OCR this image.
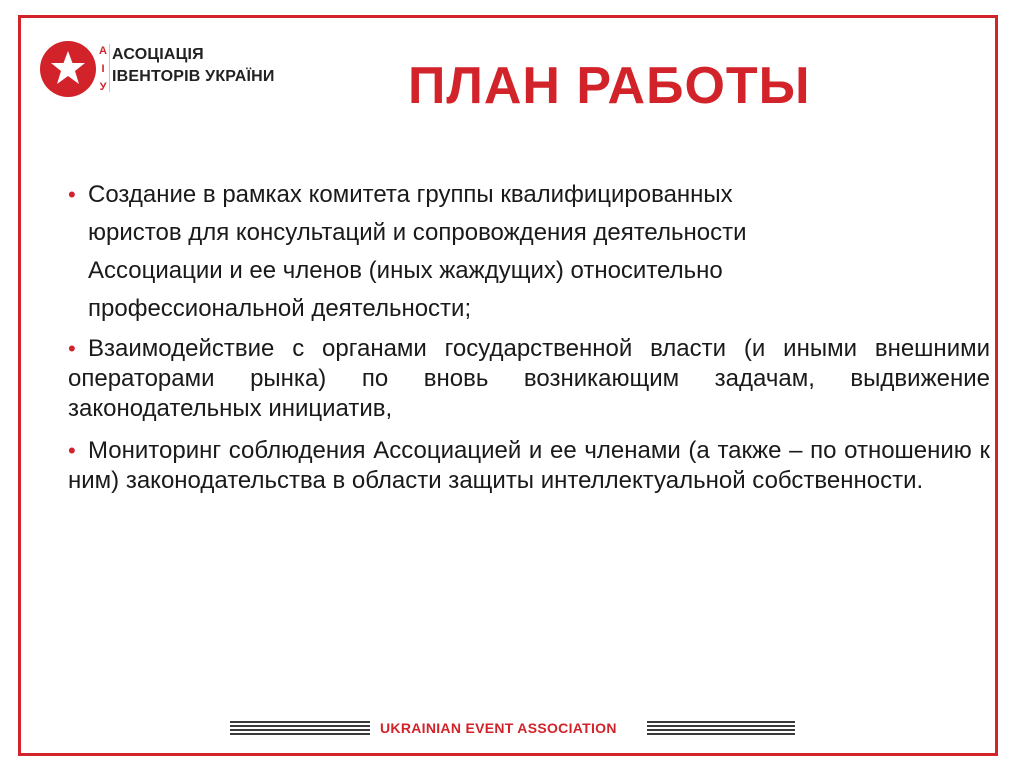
А
І
У
АСОЦІАЦІЯ
ІВЕНТОРІВ УКРАЇНИ	ПЛАН РАБОТЫ
• Создание в рамках комитета группы квалифицированных
юристов для консультаций и сопровождения деятельности
Ассоциации и ее членов (иных жаждущих) относительно
профессиональной деятельности;
• Взаимодействие с органами государственной власти (и иными внешними операторами рынка) по вновь возникающим задачам, выдвижение законодательных инициатив,
• Мониторинг соблюдения Ассоциацией и ее членами (а также – по отношению к ним) законодательства в области защиты интеллектуальной собственности.
UKRAINIAN EVENT ASSOCIATION
